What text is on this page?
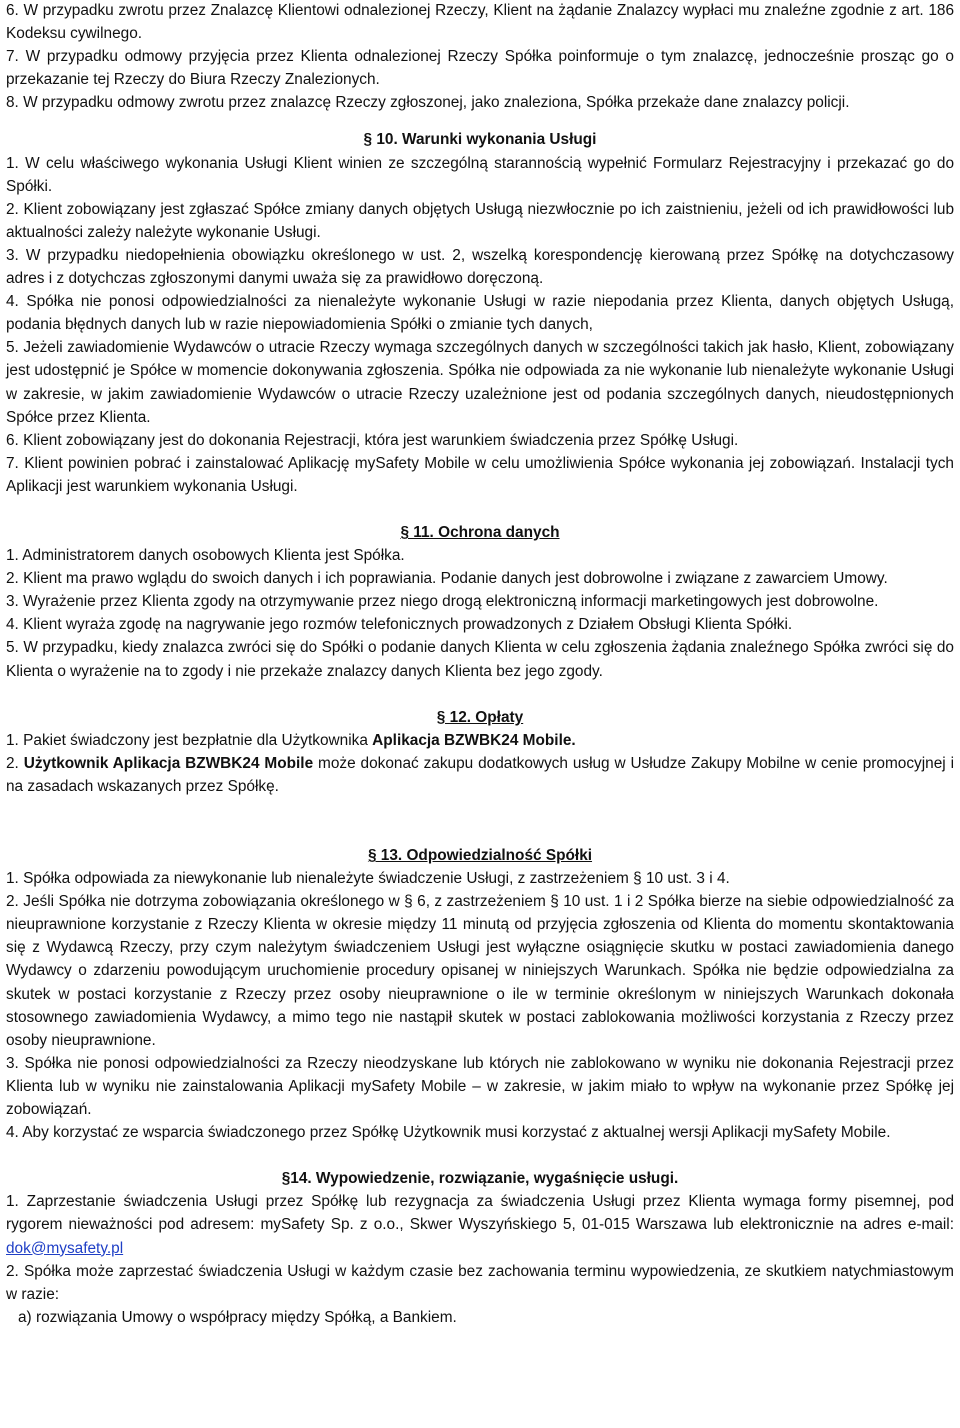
6. W przypadku zwrotu przez Znalazcę Klientowi odnalezionej Rzeczy, Klient na żądanie Znalazcy wypłaci mu znaleźne zgodnie z art. 186 Kodeksu cywilnego.

7. W przypadku odmowy przyjęcia przez Klienta odnalezionej Rzeczy Spółka poinformuje o tym znalazcę, jednocześnie prosząc go o przekazanie tej Rzeczy do Biura Rzeczy Znalezionych.

8. W przypadku odmowy zwrotu przez znalazcę Rzeczy zgłoszonej, jako znaleziona, Spółka przekaże dane znalazcy policji.

§ 10. Warunki wykonania Usługi

1. W celu właściwego wykonania Usługi Klient winien ze szczególną starannością wypełnić Formularz Rejestracyjny i przekazać go do Spółki.

2. Klient zobowiązany jest zgłaszać Spółce zmiany danych objętych Usługą niezwłocznie po ich zaistnieniu, jeżeli od ich prawidłowości lub aktualności zależy należyte wykonanie Usługi.

3. W przypadku niedopełnienia obowiązku określonego w ust. 2, wszelką korespondencję kierowaną przez Spółkę na dotychczasowy adres i z dotychczas zgłoszonymi danymi uważa się za prawidłowo doręczoną.

4. Spółka nie ponosi odpowiedzialności za nienależyte wykonanie Usługi w razie niepodania przez Klienta, danych objętych Usługą, podania błędnych danych lub w razie niepowiadomienia Spółki o zmianie tych danych,

5. Jeżeli zawiadomienie Wydawców o utracie Rzeczy wymaga szczególnych danych w szczególności takich jak hasło, Klient, zobowiązany jest udostępnić je Spółce w momencie dokonywania zgłoszenia. Spółka nie odpowiada za nie wykonanie lub nienależyte wykonanie Usługi w zakresie, w jakim zawiadomienie Wydawców o utracie Rzeczy uzależnione jest od podania szczególnych danych, nieudostępnionych Spółce przez Klienta.

6. Klient zobowiązany jest do dokonania Rejestracji, która jest warunkiem świadczenia przez Spółkę Usługi.

7. Klient powinien pobrać i zainstalować Aplikację mySafety Mobile w celu umożliwienia Spółce wykonania jej zobowiązań. Instalacji tych Aplikacji jest warunkiem wykonania Usługi.

§ 11. Ochrona danych

1. Administratorem danych osobowych Klienta jest Spółka.

2. Klient ma prawo wglądu do swoich danych i ich poprawiania. Podanie danych jest dobrowolne i związane z zawarciem Umowy.

3. Wyrażenie przez Klienta zgody na otrzymywanie przez niego drogą elektroniczną informacji marketingowych jest dobrowolne.

4. Klient wyraża zgodę na nagrywanie jego rozmów telefonicznych prowadzonych z Działem Obsługi Klienta Spółki.

5. W przypadku, kiedy znalazca zwróci się do Spółki o podanie danych Klienta w celu zgłoszenia żądania znaleźnego Spółka zwróci się do Klienta o wyrażenie na to zgody i nie przekaże znalazcy danych Klienta bez jego zgody.

§ 12. Opłaty

1. Pakiet świadczony jest bezpłatnie dla Użytkownika Aplikacja BZWBK24 Mobile.

2. Użytkownik Aplikacja BZWBK24 Mobile może dokonać zakupu dodatkowych usług w Usłudze Zakupy Mobilne w cenie promocyjnej i na zasadach wskazanych przez Spółkę.

§ 13. Odpowiedzialność Spółki

1. Spółka odpowiada za niewykonanie lub nienależyte świadczenie Usługi, z zastrzeżeniem § 10 ust. 3 i 4.

2. Jeśli Spółka nie dotrzyma zobowiązania określonego w § 6, z zastrzeżeniem § 10 ust. 1 i 2 Spółka bierze na siebie odpowiedzialność za nieuprawnione korzystanie z Rzeczy Klienta w okresie między 11 minutą od przyjęcia zgłoszenia od Klienta do momentu skontaktowania się z Wydawcą Rzeczy, przy czym należytym świadczeniem Usługi jest wyłączne osiągnięcie skutku w postaci zawiadomienia danego Wydawcy o zdarzeniu powodującym uruchomienie procedury opisanej w niniejszych Warunkach. Spółka nie będzie odpowiedzialna za skutek w postaci korzystanie z Rzeczy przez osoby nieuprawnione o ile w terminie określonym w niniejszych Warunkach dokonała stosownego zawiadomienia Wydawcy, a mimo tego nie nastąpił skutek w postaci zablokowania możliwości korzystania z Rzeczy przez osoby nieuprawnione.

3. Spółka nie ponosi odpowiedzialności za Rzeczy nieodzyskane lub których nie zablokowano w wyniku nie dokonania Rejestracji przez Klienta lub w wyniku nie zainstalowania Aplikacji mySafety Mobile – w zakresie, w jakim miało to wpływ na wykonanie przez Spółkę jej zobowiązań.

4. Aby korzystać ze wsparcia świadczonego przez Spółkę Użytkownik musi korzystać z aktualnej wersji Aplikacji mySafety Mobile.

§14. Wypowiedzenie, rozwiązanie, wygaśnięcie usługi.

1. Zaprzestanie świadczenia Usługi przez Spółkę lub rezygnacja za świadczenia Usługi przez Klienta wymaga formy pisemnej, pod rygorem nieważności pod adresem: mySafety Sp. z o.o., Skwer Wyszyńskiego 5, 01-015 Warszawa lub elektronicznie na adres e-mail: dok@mysafety.pl

2. Spółka może zaprzestać świadczenia Usługi w każdym czasie bez zachowania terminu wypowiedzenia, ze skutkiem natychmiastowym w razie:

a) rozwiązania Umowy o współpracy między Spółką, a Bankiem.
